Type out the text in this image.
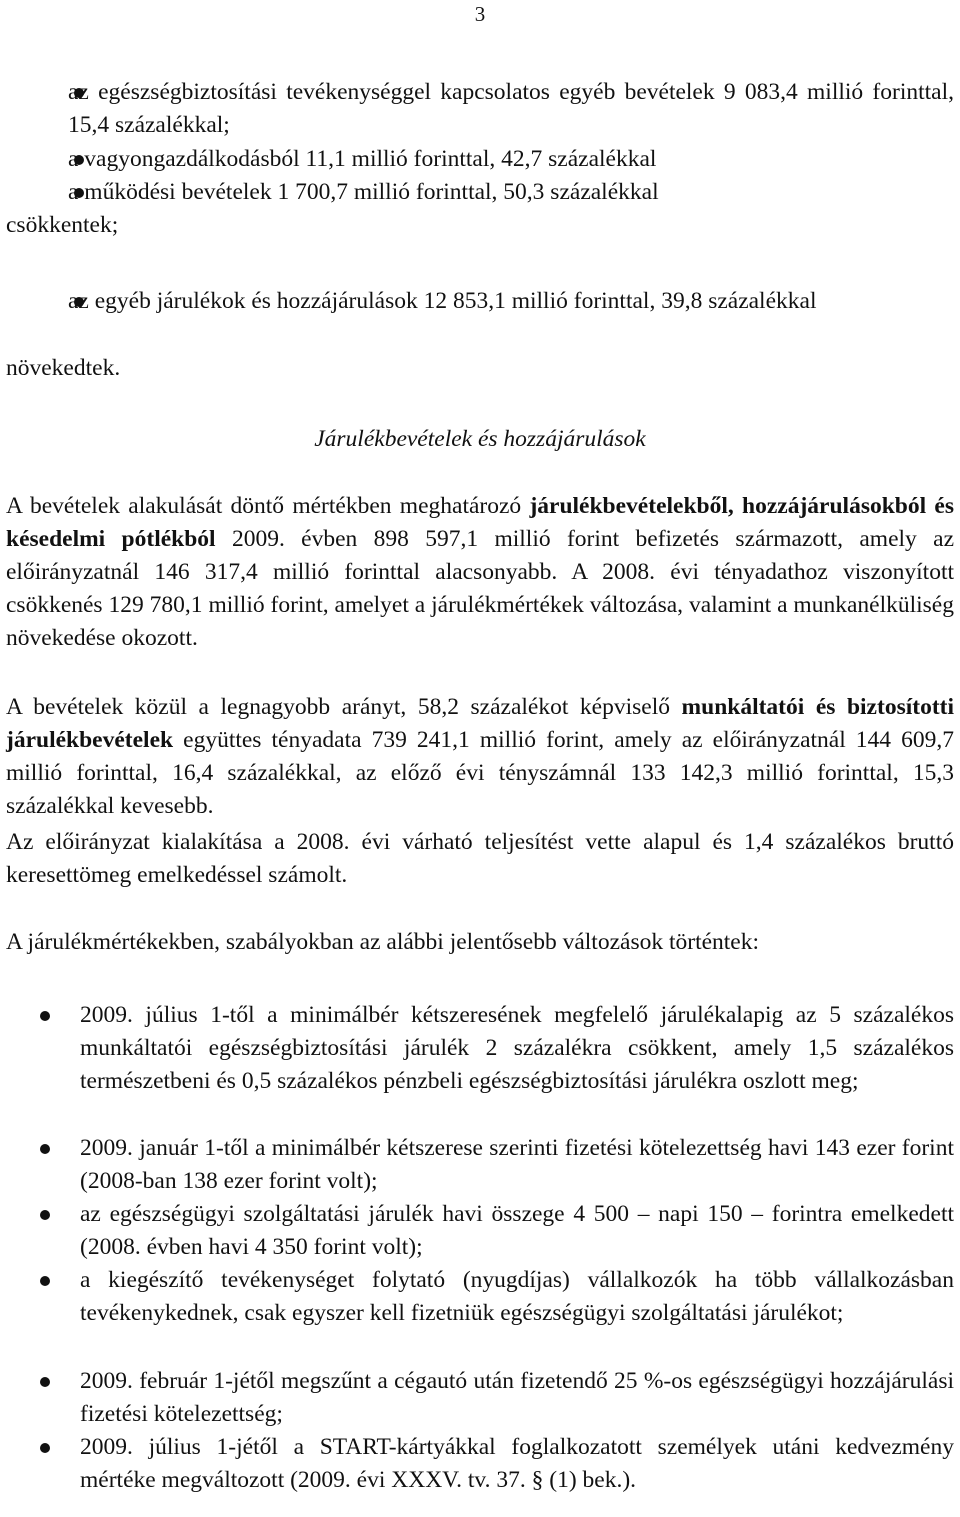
3
az egészségbiztosítási tevékenységgel kapcsolatos egyéb bevételek 9 083,4 millió forinttal, 15,4 százalékkal;
a vagyongazdálkodásból 11,1 millió forinttal, 42,7 százalékkal
a működési bevételek 1 700,7 millió forinttal, 50,3 százalékkal
csökkentek;
az egyéb járulékok és hozzájárulások 12 853,1 millió forinttal, 39,8 százalékkal
növekedtek.
Járulékbevételek és hozzájárulások
A bevételek alakulását döntő mértékben meghatározó járulékbevételekből, hozzájárulásokból és késedelmi pótlékból 2009. évben 898 597,1 millió forint befizetés származott, amely az előirányzatnál 146 317,4 millió forinttal alacsonyabb. A 2008. évi tényadathoz viszonyított csökkenés 129 780,1 millió forint, amelyet a járulékmértékek változása, valamint a munkanélküliség növekedése okozott.
A bevételek közül a legnagyobb arányt, 58,2 százalékot képviselő munkáltatói és biztosítotti járulékbevételek együttes tényadata 739 241,1 millió forint, amely az előirányzatnál 144 609,7 millió forinttal, 16,4 százalékkal, az előző évi tényszámnál 133 142,3 millió forinttal, 15,3 százalékkal kevesebb.
Az előirányzat kialakítása a 2008. évi várható teljesítést vette alapul és 1,4 százalékos bruttó keresettömeg emelkedéssel számolt.
A járulékmértékekben, szabályokban az alábbi jelentősebb változások történtek:
2009. július 1-től a minimálbér kétszeresének megfelelő járulékalapig az 5 százalékos munkáltatói egészségbiztosítási járulék 2 százalékra csökkent, amely 1,5 százalékos természetbeni és 0,5 százalékos pénzbeli egészségbiztosítási járulékra oszlott meg;
2009. január 1-től a minimálbér kétszerese szerinti fizetési kötelezettség havi 143 ezer forint (2008-ban 138 ezer forint volt);
az egészségügyi szolgáltatási járulék havi összege 4 500 – napi 150 – forintra emelkedett (2008. évben havi 4 350 forint volt);
a kiegészítő tevékenységet folytató (nyugdíjas) vállalkozók ha több vállalkozásban tevékenykednek, csak egyszer kell fizetniük egészségügyi szolgáltatási járulékot;
2009. február 1-jétől megszűnt a cégautó után fizetendő 25 %-os egészségügyi hozzájárulási fizetési kötelezettség;
2009. július 1-jétől a START-kártyákkal foglalkozatott személyek utáni kedvezmény mértéke megváltozott (2009. évi XXXV. tv. 37. § (1) bek.).
